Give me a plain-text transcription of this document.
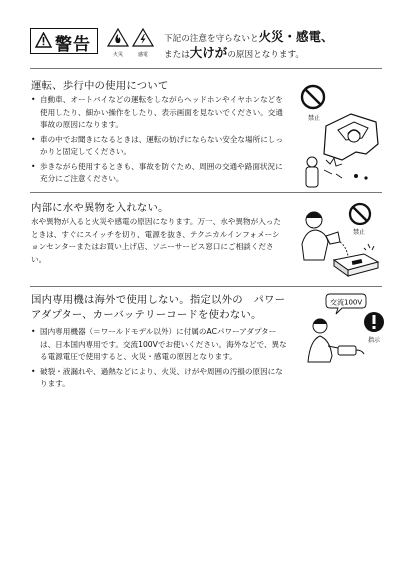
警告	火災	感電
下記の注意を守らないと火災・感電、
または大けがの原因となります。
運転、歩行中の使用について
• 自動車、オートバイなどの運転をしながらヘッドホンやイヤホンなどを使用したり、細かい操作をしたり、表示画面を見ないでください。交通事故の原因になります。
• 車の中でお聞きになるときは、運転の妨げにならない安全な場所にしっかりと固定してください。
• 歩きながら使用するときも、事故を防ぐため、周囲の交通や路面状況に充分にご注意ください。
禁止
内部に水や異物を入れない。
水や異物が入ると火災や感電の原因になります。万一、水や異物が入ったときは、すぐにスイッチを切り、電源を抜き、テクニカルインフォメーションセンターまたはお買い上げ店、ソニーサービス窓口にご相談ください。
禁止
国内専用機は海外で使用しない。指定以外の　パワーアダプター、カーバッテリーコードを使わない。
• 国内専用機器（＝ワールドモデル以外）に付属のACパワーアダプターは、日本国内専用です。交流100Vでお使いください。海外などで、異なる電源電圧で使用すると、火災・感電の原因となります。
• 破裂・液漏れや、過熱などにより、火災、けがや周囲の汚損の原因になります。
交流100V
指示
